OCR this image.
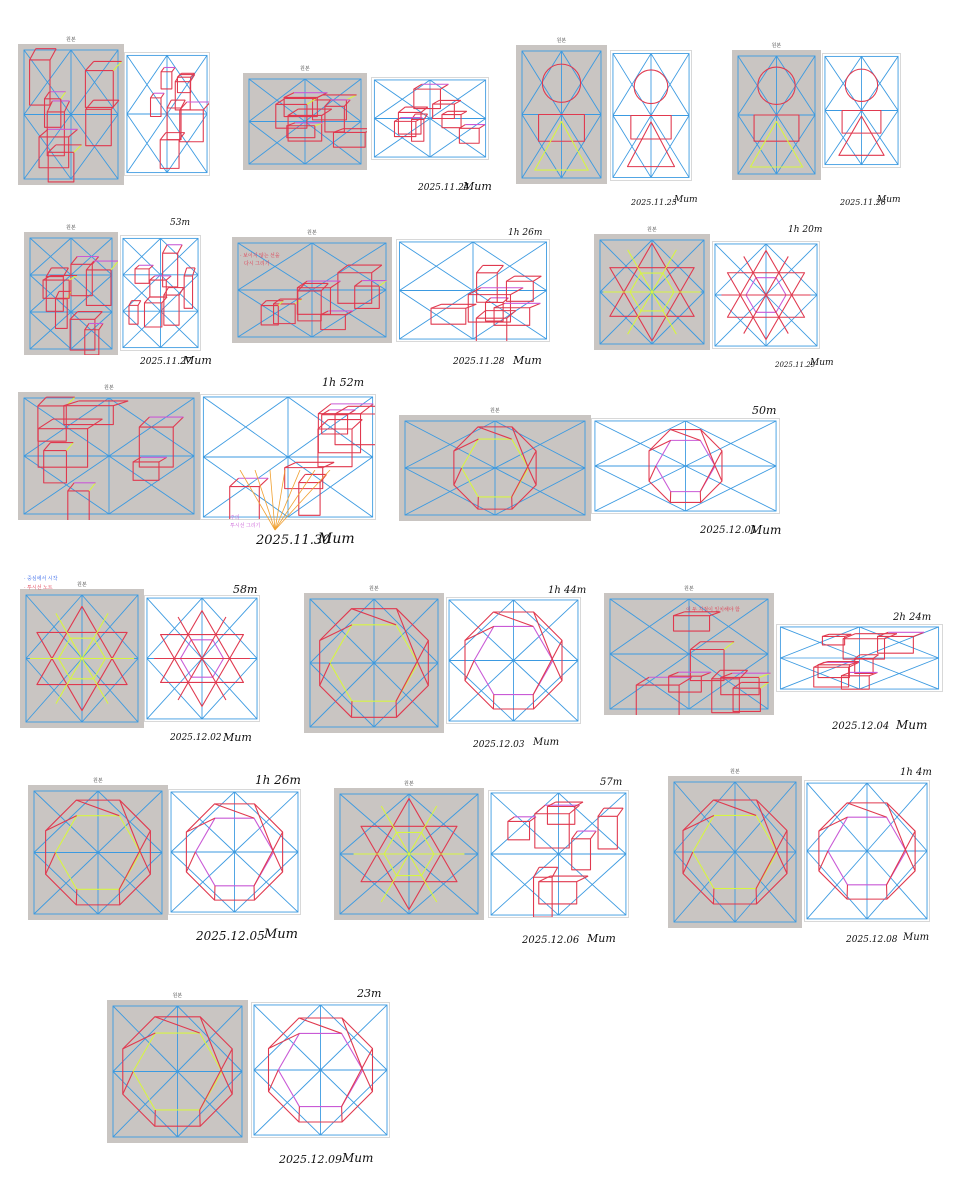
원본
원본
원본
원본
원본
원본	원본
원본
원본
원본
원본	원본
원본	원본
원본
원본
2025.11.24
Mum
2025.11.25
Mum	2025.11.26
Mum
53m
2025.11.27
Mum
1h 26m
2025.11.28 Mum
1h 20m
2025.11.29
Mum
1h 52m
2025.11.30
Mum
50m
2025.12.01
Mum
58m
2025.12.02 Mum
1h 44m
2025.12.03 Mum
2h 24m
2025.12.04 Mum
1h 26m
2025.12.05 Mum
57m
2025.12.06 Mum
1h 4m
2025.12.08 Mum
23m
2025.12.09 Mum
· 보이지 않는 선을
다시 그리기
이 두 지점이 일치해야 함
· 중심에서 시작
· 투시선 노트
주의
투시선 그리기
